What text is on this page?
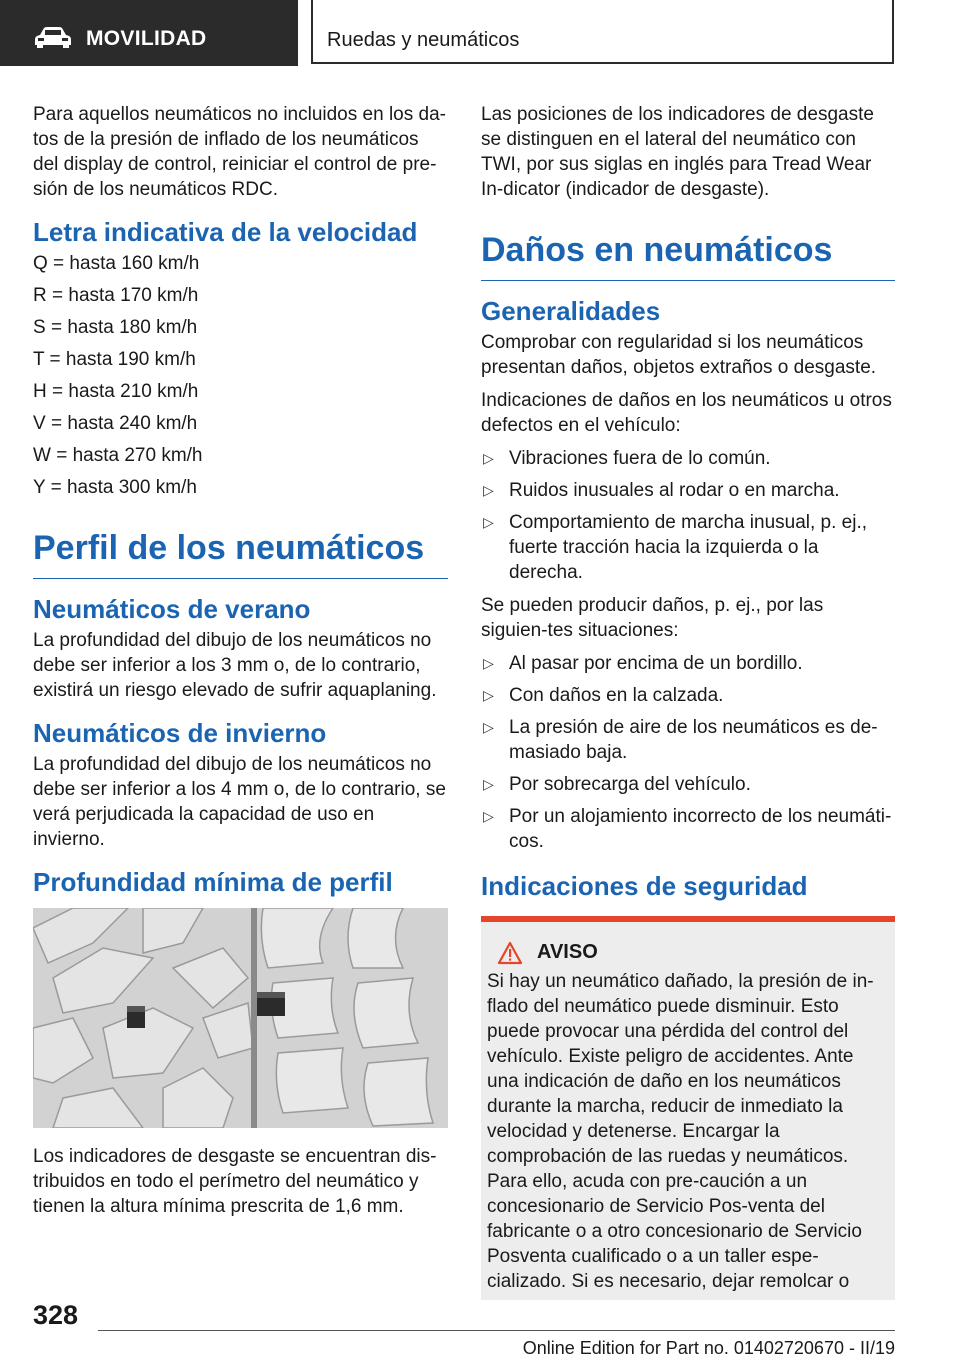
MOVILIDAD	Ruedas y neumáticos

Para aquellos neumáticos no incluidos en los da-tos de la presión de inflado de los neumáticos del display de control, reiniciar el control de pre-sión de los neumáticos RDC.

Letra indicativa de la velocidad
Q = hasta 160 km/h
R = hasta 170 km/h
S = hasta 180 km/h
T = hasta 190 km/h
H = hasta 210 km/h
V = hasta 240 km/h
W = hasta 270 km/h
Y = hasta 300 km/h
Perfil de los neumáticos
Neumáticos de verano

La profundidad del dibujo de los neumáticos no debe ser inferior a los 3 mm o, de lo contrario, existirá un riesgo elevado de sufrir aquaplaning.

Neumáticos de invierno

La profundidad del dibujo de los neumáticos no debe ser inferior a los 4 mm o, de lo contrario, se verá perjudicada la capacidad de uso en invierno.

Profundidad mínima de perfil

Los indicadores de desgaste se encuentran dis-tribuidos en todo el perímetro del neumático y tienen la altura mínima prescrita de 1,6 mm.

Las posiciones de los indicadores de desgaste se distinguen en el lateral del neumático con TWI, por sus siglas en inglés para Tread Wear In-dicator (indicador de desgaste).

Daños en neumáticos
Generalidades

Comprobar con regularidad si los neumáticos presentan daños, objetos extraños o desgaste.

Indicaciones de daños en los neumáticos u otros defectos en el vehículo:

▷ Vibraciones fuera de lo común.
▷ Ruidos inusuales al rodar o en marcha.
▷ Comportamiento de marcha inusual, p. ej., fuerte tracción hacia la izquierda o la derecha.

Se pueden producir daños, p. ej., por las siguien-tes situaciones:

▷ Al pasar por encima de un bordillo.
▷ Con daños en la calzada.
▷ La presión de aire de los neumáticos es de-masiado baja.
▷ Por sobrecarga del vehículo.
▷ Por un alojamiento incorrecto de los neumáti-cos.
Indicaciones de seguridad
AVISO
Si hay un neumático dañado, la presión de in-flado del neumático puede disminuir. Esto puede provocar una pérdida del control del vehículo. Existe peligro de accidentes. Ante una indicación de daño en los neumáticos durante la marcha, reducir de inmediato la velocidad y detenerse. Encargar la comprobación de las ruedas y neumáticos. Para ello, acuda con pre-caución a un concesionario de Servicio Pos-venta del fabricante o a otro concesionario de Servicio Posventa cualificado o a un taller espe-cializado. Si es necesario, dejar remolcar o
328
Online Edition for Part no. 01402720670 - II/19
